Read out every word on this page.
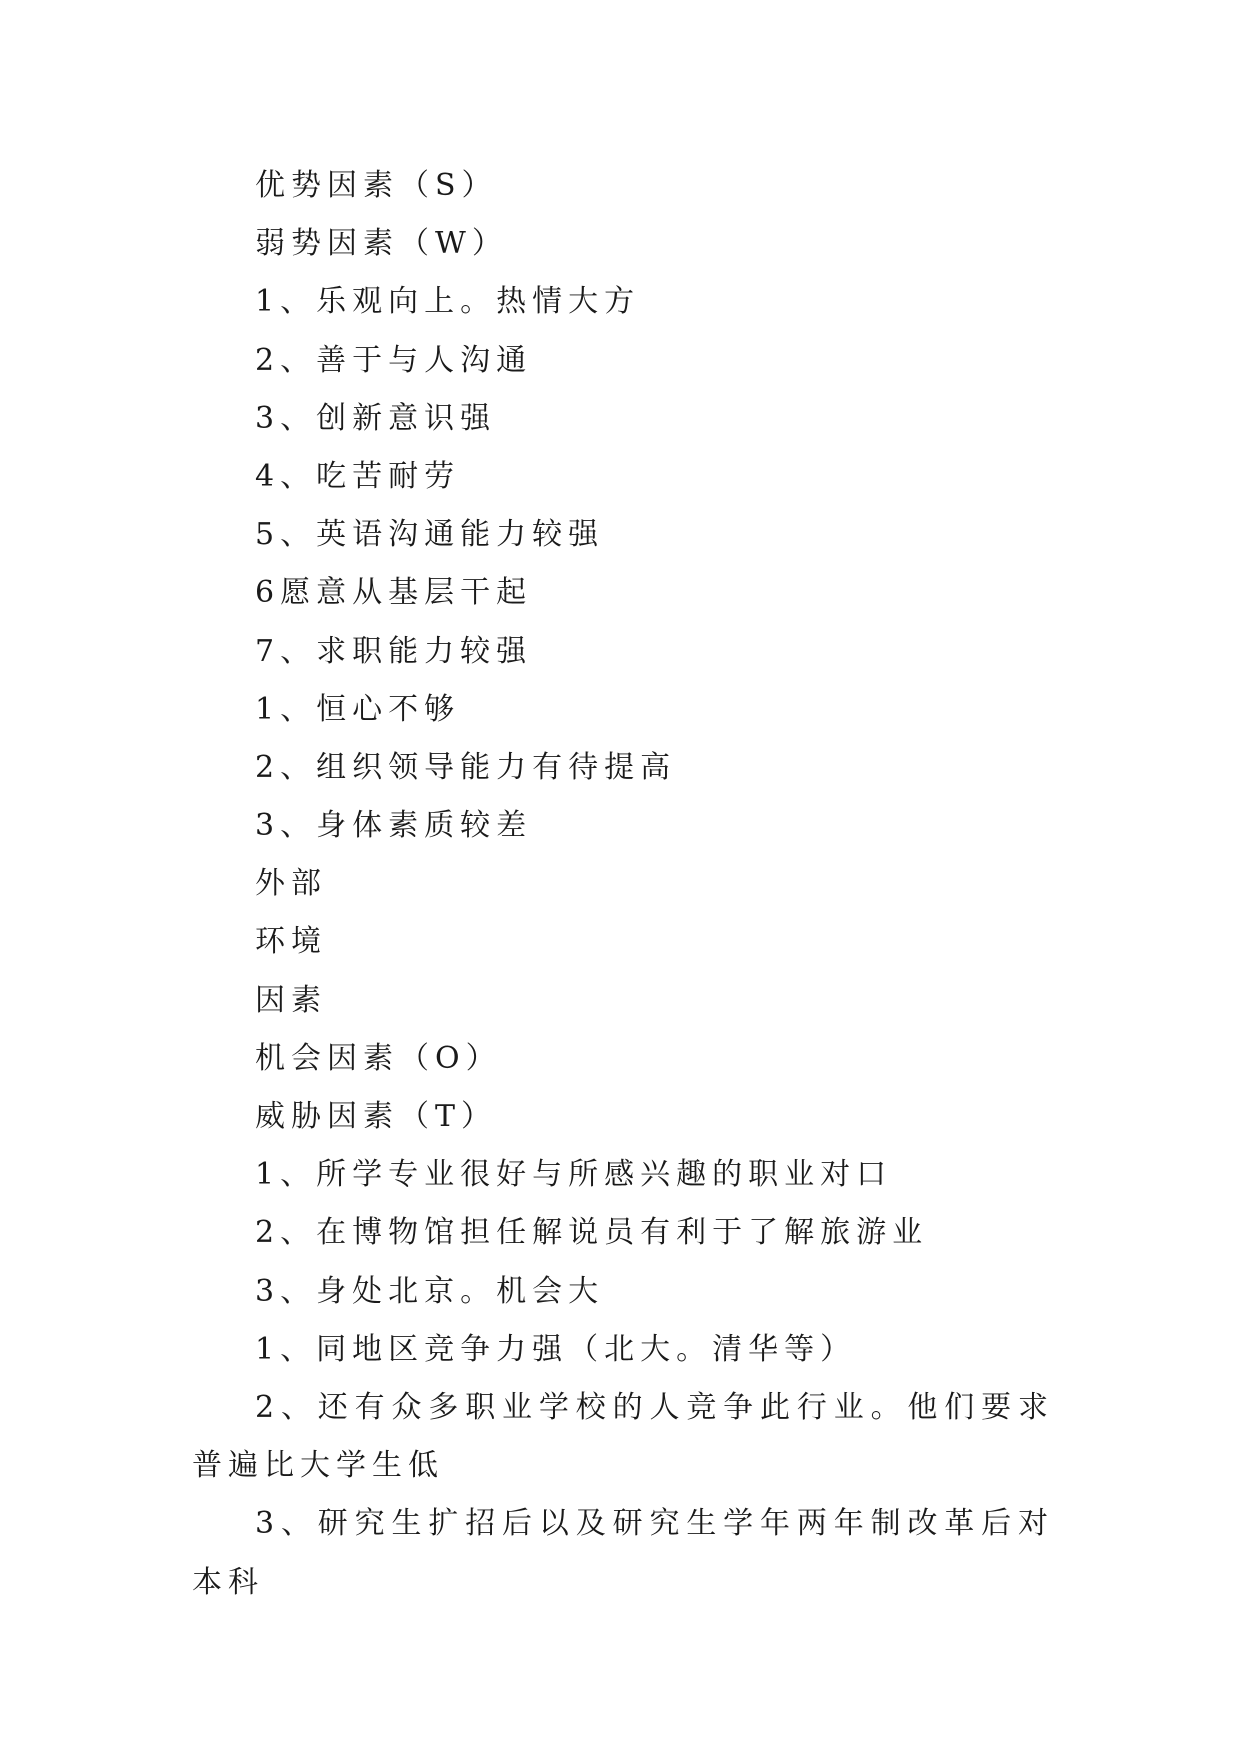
优势因素（S）
弱势因素（W）
1、乐观向上。热情大方
2、善于与人沟通
3、创新意识强
4、吃苦耐劳
5、英语沟通能力较强
6愿意从基层干起
7、求职能力较强
1、恒心不够
2、组织领导能力有待提高
3、身体素质较差
外部
环境
因素
机会因素（O）
威胁因素（T）
1、所学专业很好与所感兴趣的职业对口
2、在博物馆担任解说员有利于了解旅游业
3、身处北京。机会大
1、同地区竞争力强（北大。清华等）
2、还有众多职业学校的人竞争此行业。他们要求普遍比大学生低
3、研究生扩招后以及研究生学年两年制改革后对本科
